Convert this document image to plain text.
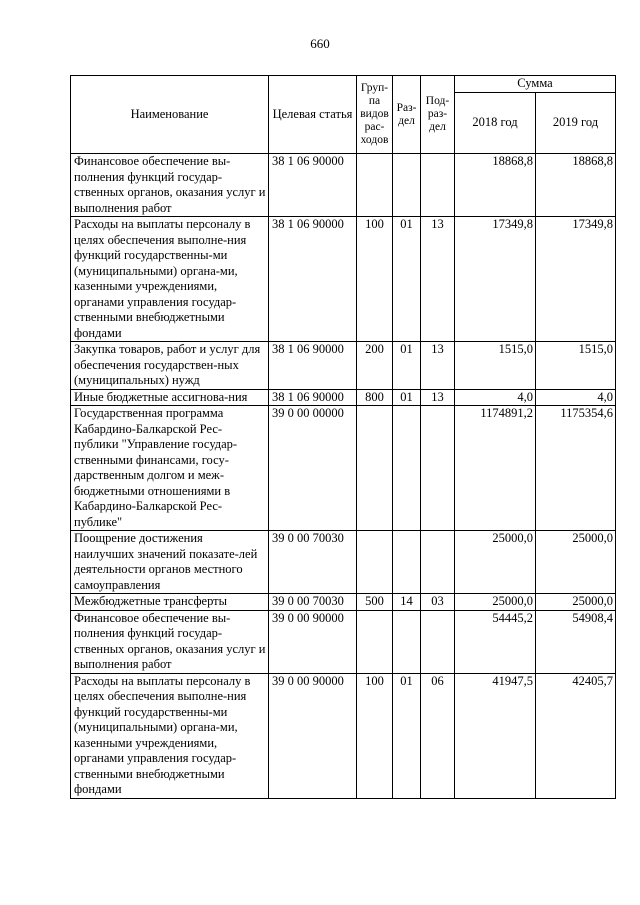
660
Наименование	Целевая статья	Груп-па видов рас-ходов	Раз-дел	Под-раз-дел	Сумма	
					2018 год	2019 год
Финансовое обеспечение вы-полнения функций государ-ственных органов, оказания услуг и выполнения работ	38 1 06 90000				18868,8	18868,8
Расходы на выплаты персоналу в целях обеспечения выполне-ния функций государственны-ми (муниципальными) органа-ми, казенными учреждениями, органами управления государ-ственными внебюджетными фондами	38 1 06 90000	100	01	13	17349,8	17349,8
Закупка товаров, работ и услуг для обеспечения государствен-ных (муниципальных) нужд	38 1 06 90000	200	01	13	1515,0	1515,0
Иные бюджетные ассигнова-ния	38 1 06 90000	800	01	13	4,0	4,0
Государственная программа Кабардино-Балкарской Рес-публики "Управление государ-ственными финансами, госу-дарственным долгом и меж-бюджетными отношениями в Кабардино-Балкарской Рес-публике"	39 0 00 00000				1174891,2	1175354,6
Поощрение достижения наилучших значений показате-лей деятельности органов местного самоуправления	39 0 00 70030				25000,0	25000,0
Межбюджетные трансферты	39 0 00 70030	500	14	03	25000,0	25000,0
Финансовое обеспечение вы-полнения функций государ-ственных органов, оказания услуг и выполнения работ	39 0 00 90000				54445,2	54908,4
Расходы на выплаты персоналу в целях обеспечения выполне-ния функций государственны-ми (муниципальными) органа-ми, казенными учреждениями, органами управления государ-ственными внебюджетными фондами	39 0 00 90000	100	01	06	41947,5	42405,7
